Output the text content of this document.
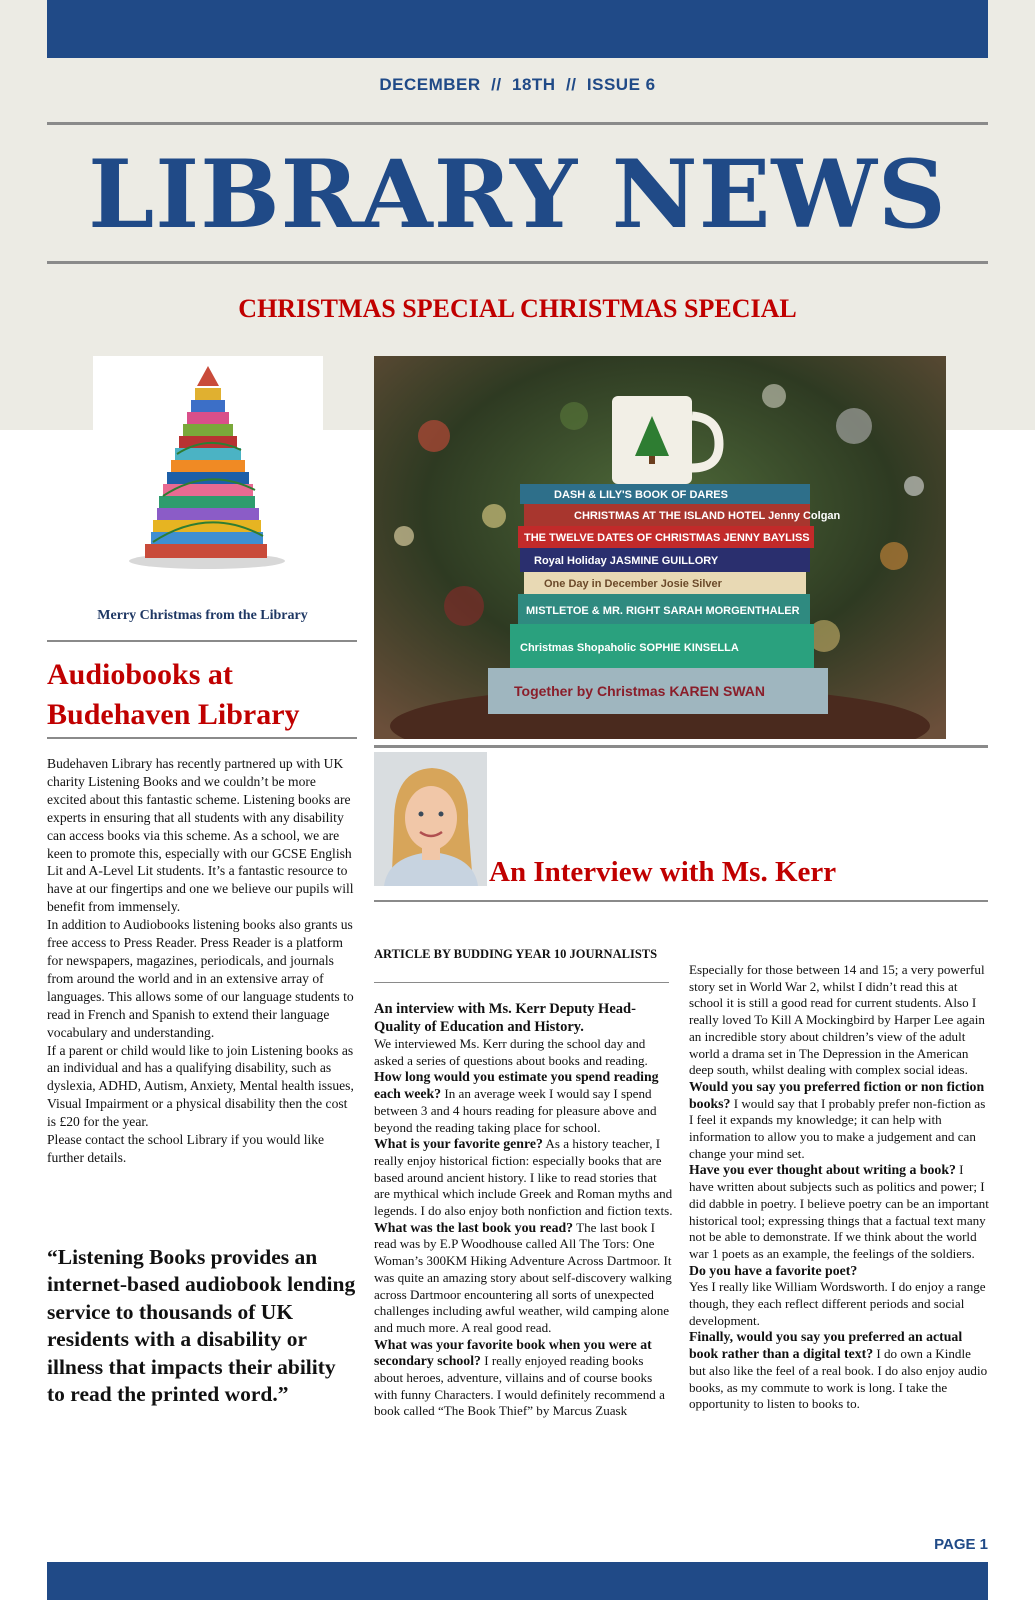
DECEMBER  //  18TH  //  ISSUE 6
LIBRARY NEWS
CHRISTMAS SPECIAL CHRISTMAS SPECIAL
Merry Christmas from the Library
DASH & LILY'S BOOK OF DARES
CHRISTMAS AT THE ISLAND HOTEL Jenny Colgan
THE TWELVE DATES OF CHRISTMAS JENNY BAYLISS
Royal Holiday JASMINE GUILLORY
One Day in December Josie Silver
MISTLETOE & MR. RIGHT SARAH MORGENTHALER
Christmas Shopaholic SOPHIE KINSELLA
Together by Christmas KAREN SWAN
Audiobooks at Budehaven Library

Budehaven Library has recently partnered up with UK charity Listening Books and we couldn’t be more excited about this fantastic scheme. Listening books are experts in ensuring that all students with any disability can access books via this scheme. As a school, we are keen to promote this, especially with our GCSE English Lit and A-Level Lit students. It’s a fantastic resource to have at our fingertips and one we believe our pupils will benefit from immensely.

In addition to Audiobooks listening books also grants us free access to Press Reader. Press Reader is a platform for newspapers, magazines, periodicals, and journals from around the world and in an extensive array of languages. This allows some of our language students to read in French and Spanish to extend their language vocabulary and understanding.

If a parent or child would like to join Listening books as an individual and has a qualifying disability, such as dyslexia, ADHD, Autism, Anxiety, Mental health issues, Visual Impairment or a physical disability then the cost is £20 for the year.

Please contact the school Library if you would like further details.

“Listening Books provides an internet-based audiobook lending service to thousands of UK residents with a disability or illness that impacts their ability to read the printed word.”
An Interview with Ms. Kerr
ARTICLE BY BUDDING YEAR 10 JOURNALISTS

An interview with Ms. Kerr Deputy Head-Quality of Education and History.

We interviewed Ms. Kerr during the school day and asked a series of questions about books and reading.

How long would you estimate you spend reading each week? In an average week I would say I spend between 3 and 4 hours reading for pleasure above and beyond the reading taking place for school.

What is your favorite genre? As a history teacher, I really enjoy historical fiction: especially books that are based around ancient history. I like to read stories that are mythical which include Greek and Roman myths and legends. I do also enjoy both nonfiction and fiction texts.

What was the last book you read? The last book I read was by E.P Woodhouse called All The Tors: One Woman’s 300KM Hiking Adventure Across Dartmoor. It was quite an amazing story about self-discovery walking across Dartmoor encountering all sorts of unexpected challenges including awful weather, wild camping alone and much more. A real good read.

What was your favorite book when you were at secondary school? I really enjoyed reading books about heroes, adventure, villains and of course books with funny Characters. I would definitely recommend a book called “The Book Thief” by Marcus Zuask

Especially for those between 14 and 15; a very powerful story set in World War 2, whilst I didn’t read this at school it is still a good read for current students. Also I really loved To Kill A Mockingbird by Harper Lee again an incredible story about children’s view of the adult world a drama set in The Depression in the American deep south, whilst dealing with complex social ideas.

Would you say you preferred fiction or non fiction books? I would say that I probably prefer non-fiction as I feel it expands my knowledge; it can help with information to allow you to make a judgement and can change your mind set.

Have you ever thought about writing a book? I have written about subjects such as politics and power; I did dabble in poetry. I believe poetry can be an important historical tool; expressing things that a factual text many not be able to demonstrate. If we think about the world war 1 poets as an example, the feelings of the soldiers.

Do you have a favorite poet?

Yes I really like William Wordsworth. I do enjoy a range though, they each reflect different periods and social development.

Finally, would you say you preferred an actual book rather than a digital text? I do own a Kindle but also like the feel of a real book. I do also enjoy audio books, as my commute to work is long. I take the opportunity to listen to books to.

PAGE 1
